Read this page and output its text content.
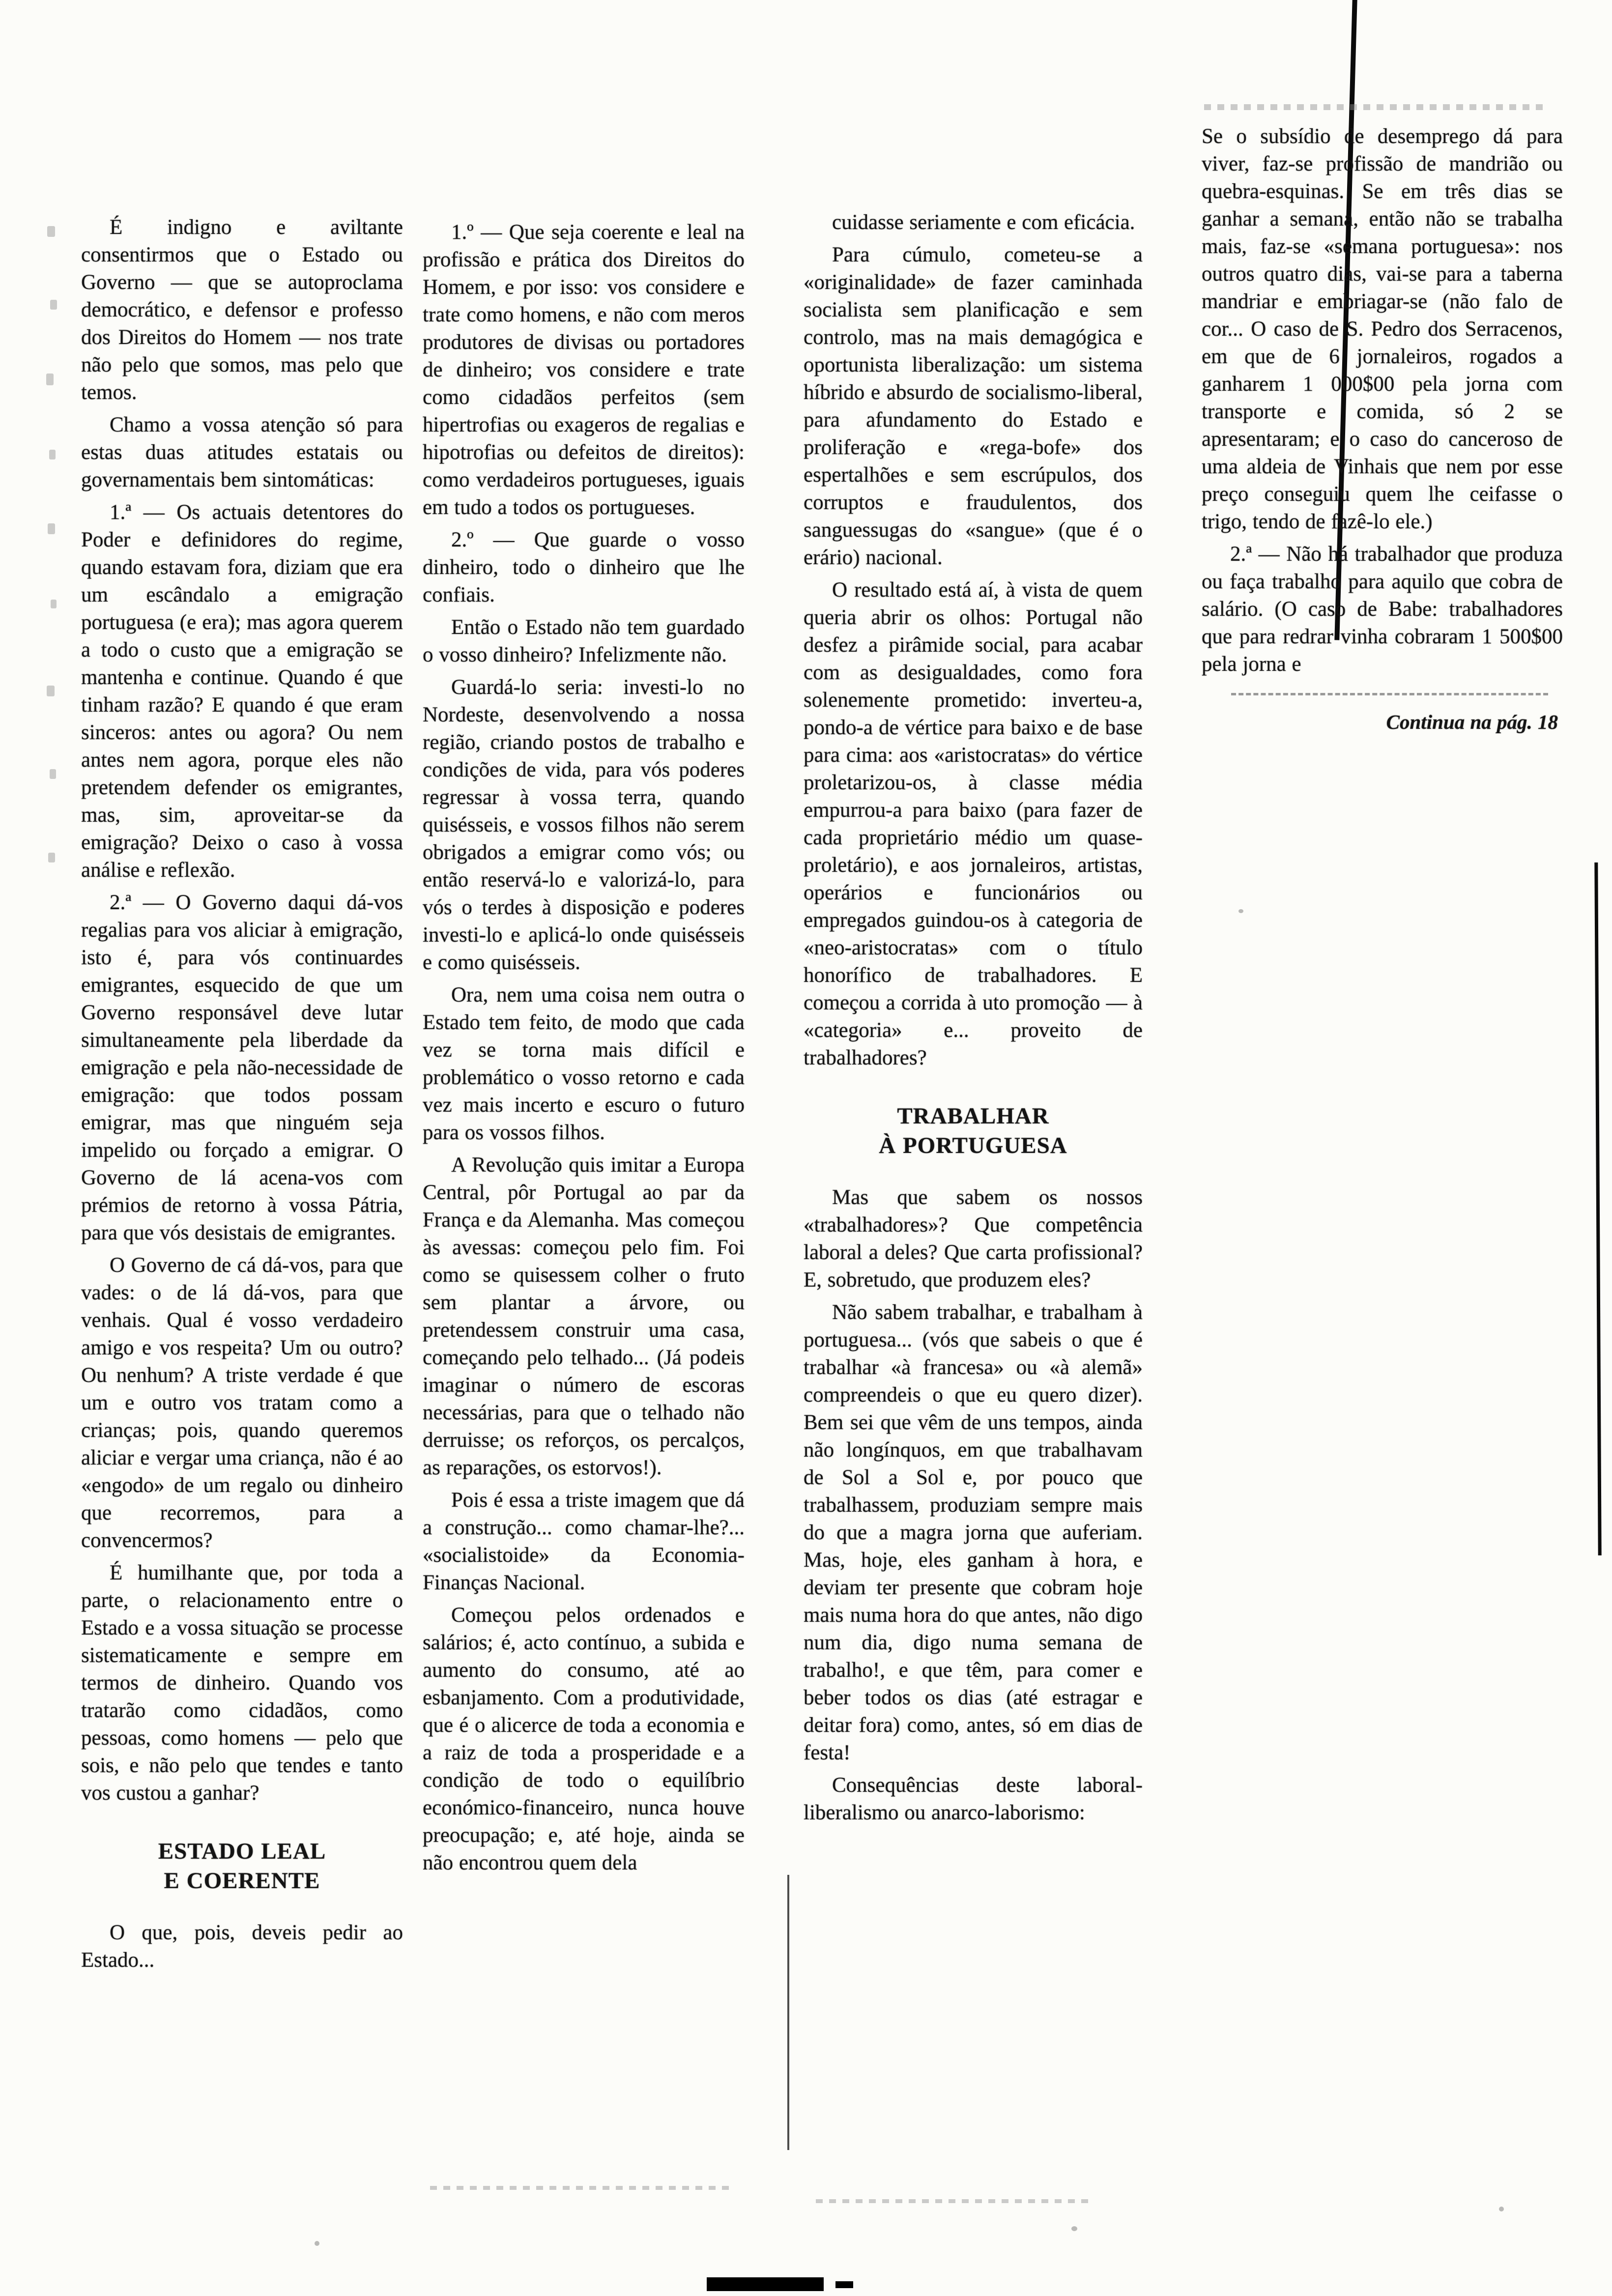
É indigno e aviltante consentirmos que o Estado ou Governo — que se autoproclama democrático, e defensor e professo dos Direitos do Homem — nos trate não pelo que somos, mas pelo que temos.

Chamo a vossa atenção só para estas duas atitudes estatais ou governamentais bem sintomáticas:

1.ª — Os actuais detentores do Poder e definidores do regime, quando estavam fora, diziam que era um escândalo a emigração portuguesa (e era); mas agora querem a todo o custo que a emigração se mantenha e continue. Quando é que tinham razão? E quando é que eram sinceros: antes ou agora? Ou nem antes nem agora, porque eles não pretendem defender os emigrantes, mas, sim, aproveitar-se da emigração? Deixo o caso à vossa análise e reflexão.

2.ª — O Governo daqui dá-vos regalias para vos aliciar à emigração, isto é, para vós continuardes emigrantes, esquecido de que um Governo responsável deve lutar simultaneamente pela liberdade da emigração e pela não-necessidade de emigração: que todos possam emigrar, mas que ninguém seja impelido ou forçado a emigrar. O Governo de lá acena-vos com prémios de retorno à vossa Pátria, para que vós desistais de emigrantes.

O Governo de cá dá-vos, para que vades: o de lá dá-vos, para que venhais. Qual é vosso verdadeiro amigo e vos respeita? Um ou outro? Ou nenhum? A triste verdade é que um e outro vos tratam como a crianças; pois, quando queremos aliciar e vergar uma criança, não é ao «engodo» de um regalo ou dinheiro que recorremos, para a convencermos?

É humilhante que, por toda a parte, o relacionamento entre o Estado e a vossa situação se processe sistematicamente e sempre em termos de dinheiro. Quando vos tratarão como cidadãos, como pessoas, como homens — pelo que sois, e não pelo que tendes e tanto vos custou a ganhar?

ESTADO LEAL
E COERENTE

O que, pois, deveis pedir ao Estado...

1.º — Que seja coerente e leal na profissão e prática dos Direitos do Homem, e por isso: vos considere e trate como homens, e não com meros produtores de divisas ou portadores de dinheiro; vos considere e trate como cidadãos perfeitos (sem hipertrofias ou exageros de regalias e hipotrofias ou defeitos de direitos): como verdadeiros portugueses, iguais em tudo a todos os portugueses.

2.º — Que guarde o vosso dinheiro, todo o dinheiro que lhe confiais.

Então o Estado não tem guardado o vosso dinheiro? Infelizmente não.

Guardá-lo seria: investi-lo no Nordeste, desenvolvendo a nossa região, criando postos de trabalho e condições de vida, para vós poderes regressar à vossa terra, quando quisésseis, e vossos filhos não serem obrigados a emigrar como vós; ou então reservá-lo e valorizá-lo, para vós o terdes à disposição e poderes investi-lo e aplicá-lo onde quisésseis e como quisésseis.

Ora, nem uma coisa nem outra o Estado tem feito, de modo que cada vez se torna mais difícil e problemático o vosso retorno e cada vez mais incerto e escuro o futuro para os vossos filhos.

A Revolução quis imitar a Europa Central, pôr Portugal ao par da França e da Alemanha. Mas começou às avessas: começou pelo fim. Foi como se quisessem colher o fruto sem plantar a árvore, ou pretendessem construir uma casa, começando pelo telhado... (Já podeis imaginar o número de escoras necessárias, para que o telhado não derruisse; os reforços, os percalços, as reparações, os estorvos!).

Pois é essa a triste imagem que dá a construção... como chamar-lhe?... «socialistoide» da Economia-Finanças Nacional.

Começou pelos ordenados e salários; é, acto contínuo, a subida e aumento do consumo, até ao esbanjamento. Com a produtividade, que é o alicerce de toda a economia e a raiz de toda a prosperidade e a condição de todo o equilíbrio económico-financeiro, nunca houve preocupação; e, até hoje, ainda se não encontrou quem dela

cuidasse seriamente e com eficácia.

Para cúmulo, cometeu-se a «originalidade» de fazer caminhada socialista sem planificação e sem controlo, mas na mais demagógica e oportunista liberalização: um sistema híbrido e absurdo de socialismo-liberal, para afundamento do Estado e proliferação e «rega-bofe» dos espertalhões e sem escrúpulos, dos corruptos e fraudulentos, dos sanguessugas do «sangue» (que é o erário) nacional.

O resultado está aí, à vista de quem queria abrir os olhos: Portugal não desfez a pirâmide social, para acabar com as desigualdades, como fora solenemente prometido: inverteu-a, pondo-a de vértice para baixo e de base para cima: aos «aristocratas» do vértice proletarizou-os, à classe média empurrou-a para baixo (para fazer de cada proprietário médio um quase-proletário), e aos jornaleiros, artistas, operários e funcionários ou empregados guindou-os à categoria de «neo-aristocratas» com o título honorífico de trabalhadores. E começou a corrida à uto promoção — à «categoria» e... proveito de trabalhadores?

TRABALHAR
À PORTUGUESA

Mas que sabem os nossos «trabalhadores»? Que competência laboral a deles? Que carta profissional? E, sobretudo, que produzem eles?

Não sabem trabalhar, e trabalham à portuguesa... (vós que sabeis o que é trabalhar «à francesa» ou «à alemã» compreendeis o que eu quero dizer). Bem sei que vêm de uns tempos, ainda não longínquos, em que trabalhavam de Sol a Sol e, por pouco que trabalhassem, produziam sempre mais do que a magra jorna que auferiam. Mas, hoje, eles ganham à hora, e deviam ter presente que cobram hoje mais numa hora do que antes, não digo num dia, digo numa semana de trabalho!, e que têm, para comer e beber todos os dias (até estragar e deitar fora) como, antes, só em dias de festa!

Consequências deste laboral-liberalismo ou anarco-laborismo:

Se o subsídio de desemprego dá para viver, faz-se profissão de mandrião ou quebra-esquinas. Se em três dias se ganhar a semana, então não se trabalha mais, faz-se «semana portuguesa»: nos outros quatro dias, vai-se para a taberna mandriar e embriagar-se (não falo de cor... O caso de S. Pedro dos Serracenos, em que de 6 jornaleiros, rogados a ganharem 1 000$00 pela jorna com transporte e comida, só 2 se apresentaram; e o caso do canceroso de uma aldeia de Vinhais que nem por esse preço conseguiu quem lhe ceifasse o trigo, tendo de fazê-lo ele.)

2.ª — Não há trabalhador que produza ou faça trabalho para aquilo que cobra de salário. (O caso de Babe: trabalhadores que para redrar vinha cobraram 1 500$00 pela jorna e

Continua na pág. 18
